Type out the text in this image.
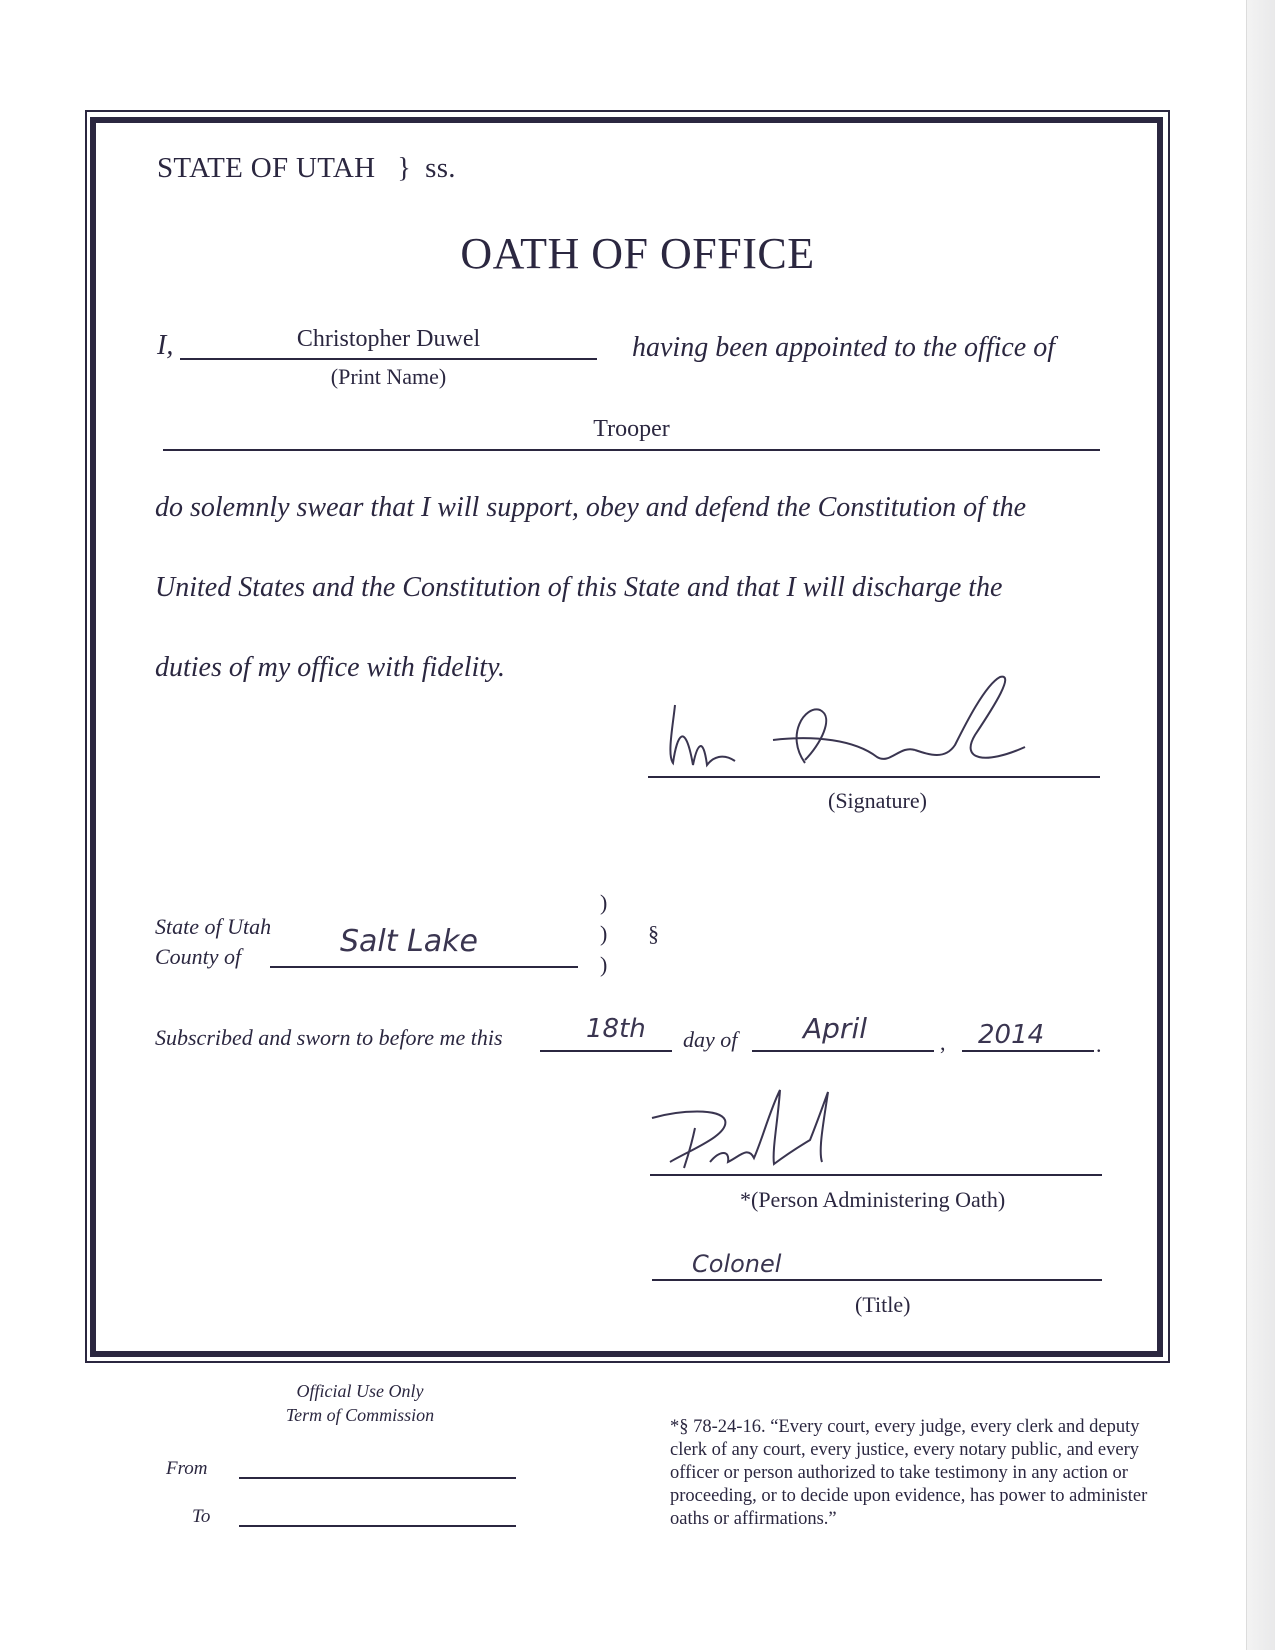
STATE OF UTAH } ss.
OATH OF OFFICE
I,	Christopher Duwel
(Print Name)
having been appointed to the office of
Trooper
do solemnly swear that I will support, obey and defend the Constitution of the
United States and the Constitution of this State and that I will discharge the
duties of my office with fidelity.
(Signature)
State of Utah
County of	Salt Lake
)
)
)
§
Subscribed and sworn to before me this	18th day of April	, 2014 .
*(Person Administering Oath)
Colonel
(Title)
Official Use Only
Term of Commission
From
To
*§ 78-24-16. “Every court, every judge, every clerk and deputy clerk of any court, every justice, every notary public, and every officer or person authorized to take testimony in any action or proceeding, or to decide upon evidence, has power to administer oaths or affirmations.”
